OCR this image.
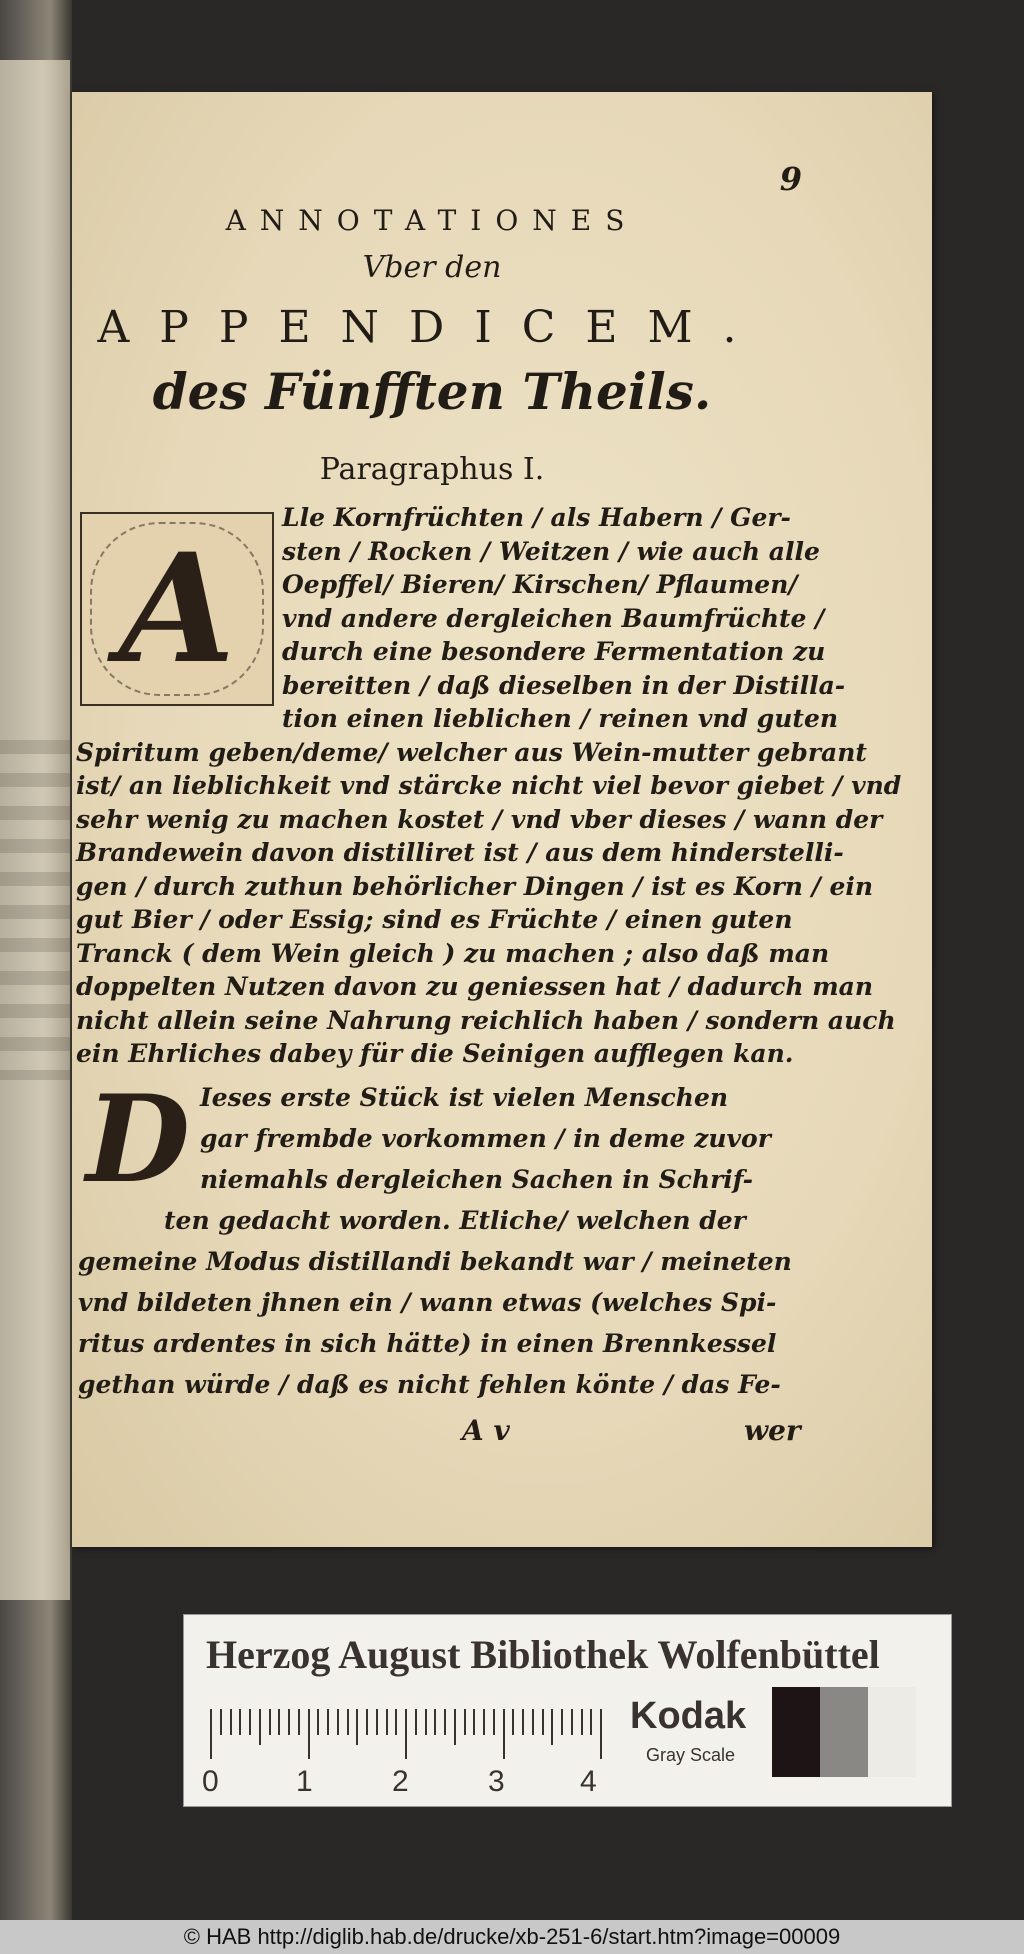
9
ANNOTATIONES
Vber den
APPENDICEM.
des Fünfften Theils.
Paragraphus I.
A
D
Lle Kornfrüchten / als Habern / Ger-
sten / Rocken / Weitzen / wie auch alle
Oepffel/ Bieren/ Kirschen/ Pflaumen/
vnd andere dergleichen Baumfrüchte /
durch eine besondere Fermentation zu
bereitten / daß dieselben in der Distilla-
tion einen lieblichen / reinen vnd guten
Spiritum geben/deme/ welcher aus Wein-mutter gebrant
ist/ an lieblichkeit vnd stärcke nicht viel bevor giebet / vnd
sehr wenig zu machen kostet / vnd vber dieses / wann der
Brandewein davon distilliret ist / aus dem hinderstelli-
gen / durch zuthun behörlicher Dingen / ist es Korn / ein
gut Bier / oder Essig; sind es Früchte / einen guten
Tranck ( dem Wein gleich ) zu machen ; also daß man
doppelten Nutzen davon zu geniessen hat / dadurch man
nicht allein seine Nahrung reichlich haben / sondern auch
ein Ehrliches dabey für die Seinigen aufflegen kan.
Ieses erste Stück ist vielen Menschen
gar frembde vorkommen / in deme zuvor
niemahls dergleichen Sachen in Schrif-
ten gedacht worden. Etliche/ welchen der
gemeine Modus distillandi bekandt war / meineten
vnd bildeten jhnen ein / wann etwas (welches Spi-
ritus ardentes in sich hätte) in einen Brennkessel
gethan würde / daß es nicht fehlen könte / das Fe-
A v	wer
Herzog August Bibliothek Wolfenbüttel
0	1	2	3	4
Kodak
Gray Scale
© HAB http://diglib.hab.de/drucke/xb-251-6/start.htm?image=00009
